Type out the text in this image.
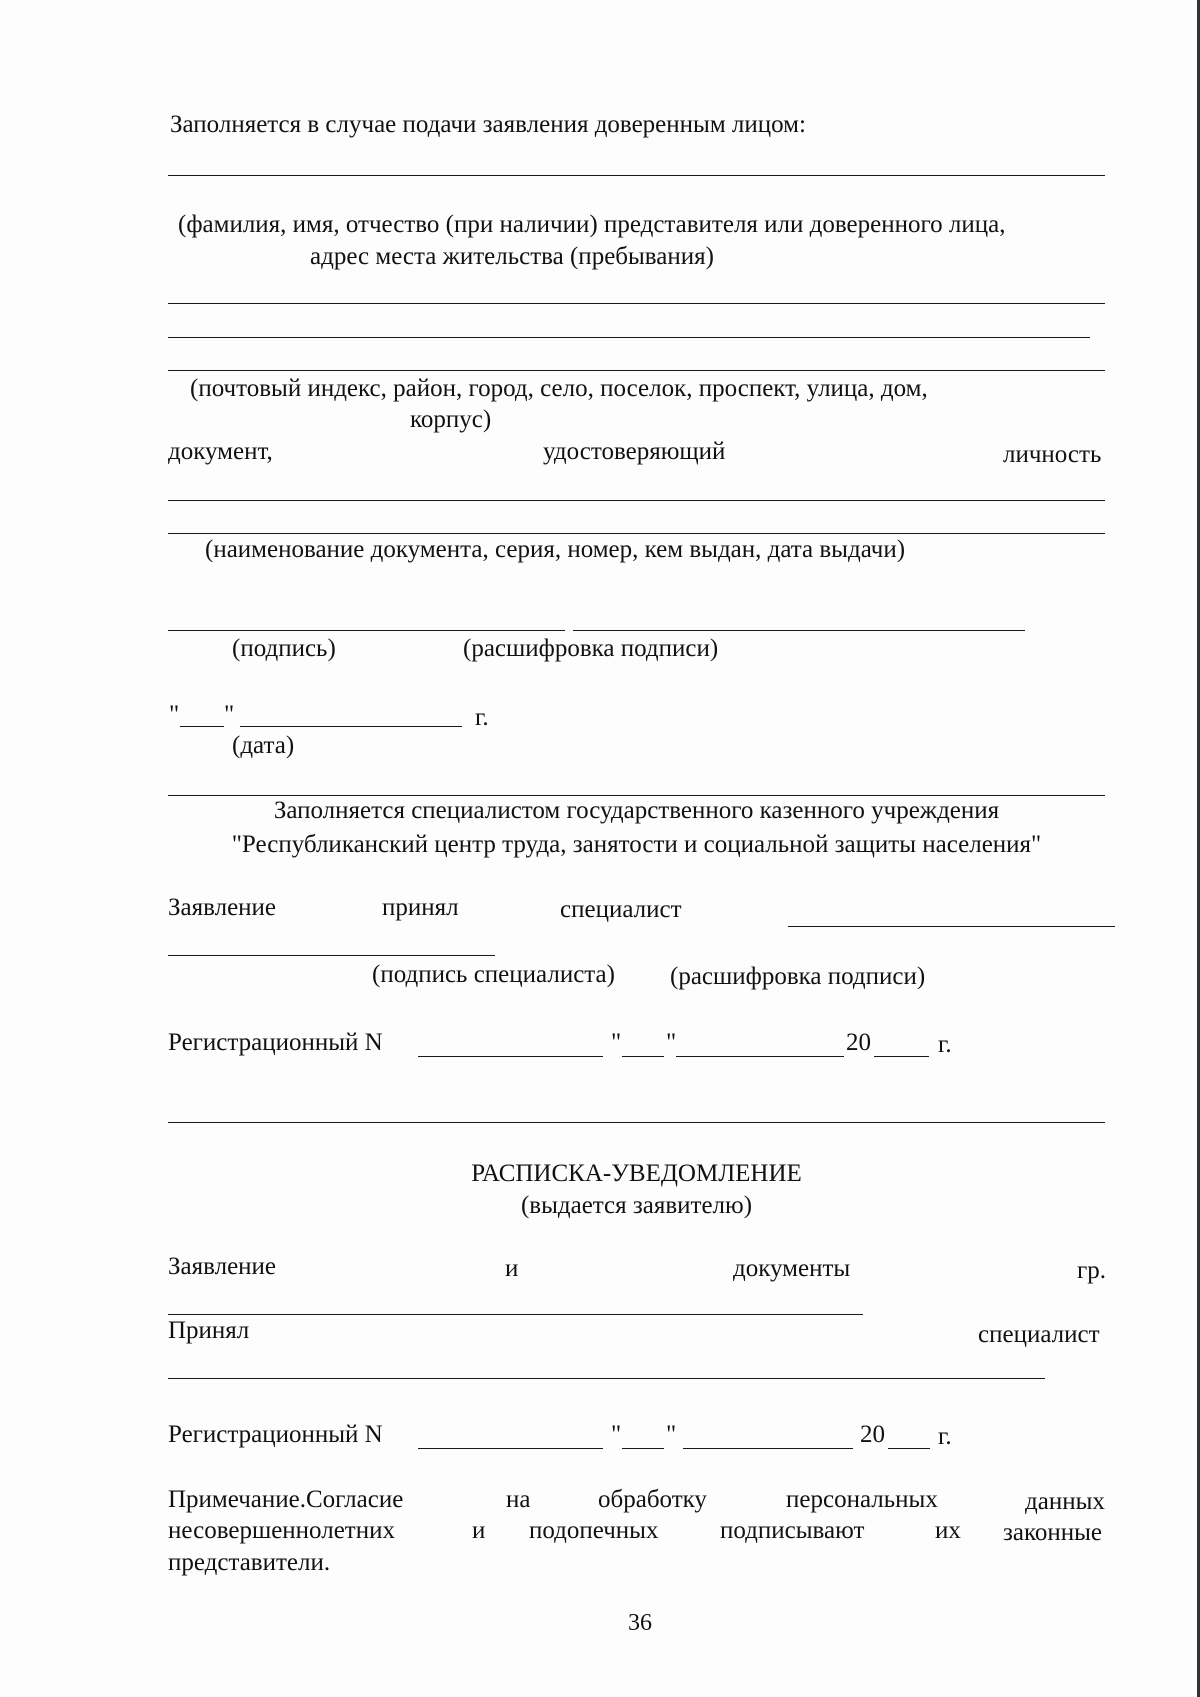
Заполняется в случае подачи заявления доверенным лицом:
(фамилия, имя, отчество (при наличии) представителя или доверенного лица,
адрес места жительства (пребывания)
(почтовый индекс, район, город, село, поселок, проспект, улица, дом,
корпус)
документ,	удостоверяющий	личность
(наименование документа, серия, номер, кем выдан, дата выдачи)
(подпись)	(расшифровка подписи)
" "	г.
(дата)
Заполняется специалистом государственного казенного учреждения
"Республиканский центр труда, занятости и социальной защиты населения"
Заявление	принял	специалист
(подпись специалиста) (расшифровка подписи)
Регистрационный N	" "	20	г.
РАСПИСКА-УВЕДОМЛЕНИЕ
(выдается заявителю)
Заявление	и	документы	гр.
Принял	специалист
Регистрационный N	" "	20 г.
Примечание.Согласие	на	обработку	персональных	данных
несовершеннолетних	и подопечных подписывают	их законные
представители.
36
